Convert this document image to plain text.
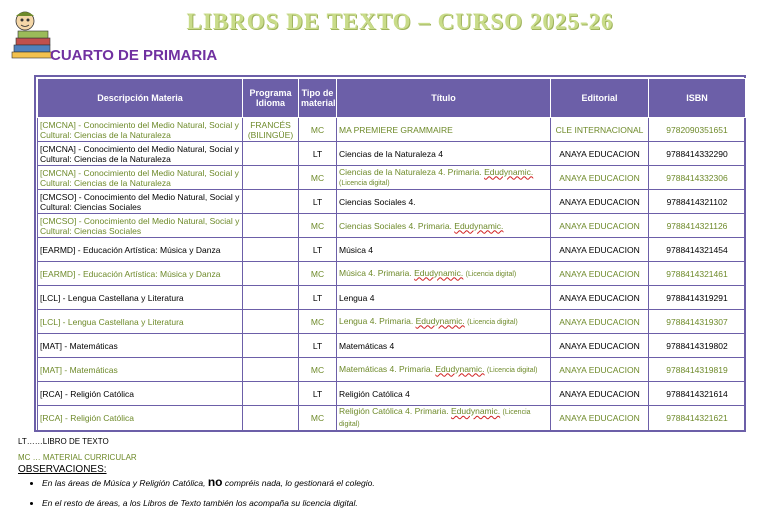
LIBROS DE TEXTO – CURSO 2025-26
CUARTO DE PRIMARIA
Descripción Materia	Programa Idioma	Tipo de material	Título	Editorial	ISBN
[CMCNA] - Conocimiento del Medio Natural, Social y Cultural: Ciencias de la Naturaleza	FRANCÉS (BILINGÜE)	MC	MA PREMIERE GRAMMAIRE	CLE INTERNACIONAL	9782090351651
[CMCNA] - Conocimiento del Medio Natural, Social y Cultural: Ciencias de la Naturaleza		LT	Ciencias de la Naturaleza 4	ANAYA EDUCACION	9788414332290
[CMCNA] - Conocimiento del Medio Natural, Social y Cultural: Ciencias de la Naturaleza		MC	Ciencias de la Naturaleza 4. Primaria. Edudynamic. (Licencia digital)	ANAYA EDUCACION	9788414332306
[CMCSO] - Conocimiento del Medio Natural, Social y Cultural: Ciencias Sociales		LT	Ciencias Sociales 4.	ANAYA EDUCACION	9788414321102
[CMCSO] - Conocimiento del Medio Natural, Social y Cultural: Ciencias Sociales		MC	Ciencias Sociales 4. Primaria. Edudynamic.	ANAYA EDUCACION	9788414321126
[EARMD] - Educación Artística: Música y Danza		LT	Música 4	ANAYA EDUCACION	9788414321454
[EARMD] - Educación Artística: Música y Danza		MC	Música 4. Primaria. Edudynamic. (Licencia digital)	ANAYA EDUCACION	9788414321461
[LCL] - Lengua Castellana y Literatura		LT	Lengua 4	ANAYA EDUCACION	9788414319291
[LCL] - Lengua Castellana y Literatura		MC	Lengua 4. Primaria. Edudynamic. (Licencia digital)	ANAYA EDUCACION	9788414319307
[MAT] - Matemáticas		LT	Matemáticas 4	ANAYA EDUCACION	9788414319802
[MAT] - Matemáticas		MC	Matemáticas 4. Primaria. Edudynamic. (Licencia digital)	ANAYA EDUCACION	9788414319819
[RCA] - Religión Católica		LT	Religión Católica 4	ANAYA EDUCACION	9788414321614
[RCA] - Religión Católica		MC	Religión Católica 4. Primaria. Edudynamic. (Licencia digital)	ANAYA EDUCACION	9788414321621
LT……LIBRO DE TEXTO
MC … MATERIAL CURRICULAR
OBSERVACIONES:
• En las áreas de Música y Religión Católica, no compréis nada, lo gestionará el colegio.
• En el resto de áreas, a los Libros de Texto también los acompaña su licencia digital.
